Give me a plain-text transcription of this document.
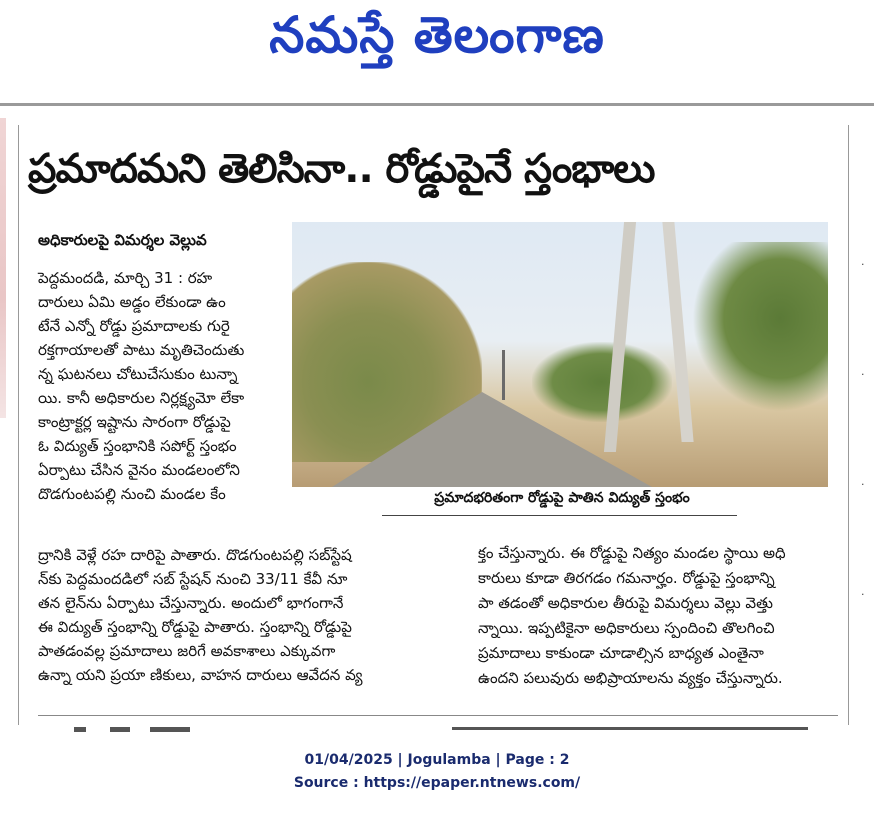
నమస్తే తెలంగాణ
·
·
·
·
ప్రమాదమని తెలిసినా.. రోడ్డుపైనే స్తంభాలు
అధికారులపై విమర్శల వెల్లువ
ప్రమాదభరితంగా రోడ్డుపై పాతిన విద్యుత్ స్తంభం
పెద్దమందడి, మార్చి 31 : రహ
దారులు ఏమి అడ్డం లేకుండా ఉం
టేనే ఎన్నో రోడ్డు ప్రమాదాలకు గురై
రక్తగాయాలతో పాటు మృతిచెందుతు
న్న ఘటనలు చోటుచేసుకుం టున్నా
యి. కానీ అధికారుల నిర్లక్ష్యమో లేకా
కాంట్రాక్టర్ల ఇష్టాను సారంగా రోడ్డుపై
ఓ విద్యుత్ స్తంభానికి సపోర్ట్ స్తంభం
ఏర్పాటు చేసిన వైనం మండలంలోని
దొడగుంటపల్లి నుంచి మండల కేం
ద్రానికి వెళ్లే రహ దారిపై పాతారు. దొడగుంటపల్లి సబ్‌స్టేష
న్‌కు పెద్దమందడిలో సబ్ స్టేషన్ నుంచి 33/11 కేవీ నూ
తన లైన్‌ను ఏర్పాటు చేస్తున్నారు. అందులో భాగంగానే
ఈ విద్యుత్ స్తంభాన్ని రోడ్డుపై పాతారు. స్తంభాన్ని రోడ్డుపై
పాతడంవల్ల ప్రమాదాలు జరిగే అవకాశాలు ఎక్కువగా
ఉన్నా యని ప్రయా ణికులు, వాహన దారులు ఆవేదన వ్య
క్తం చేస్తున్నారు. ఈ రోడ్డుపై నిత్యం మండల స్థాయి అధి
కారులు కూడా తిరగడం గమనార్హం. రోడ్డుపై స్తంభాన్ని
పా తడంతో అధికారుల తీరుపై విమర్శలు వెల్లు వెత్తు
న్నాయి. ఇప్పటికైనా అధికారులు స్పందించి తొలగించి
ప్రమాదాలు కాకుండా చూడాల్సిన బాధ్యత ఎంతైనా
ఉందని పలువురు అభిప్రాయాలను వ్యక్తం చేస్తున్నారు.
01/04/2025 | Jogulamba | Page : 2
Source : https://epaper.ntnews.com/
